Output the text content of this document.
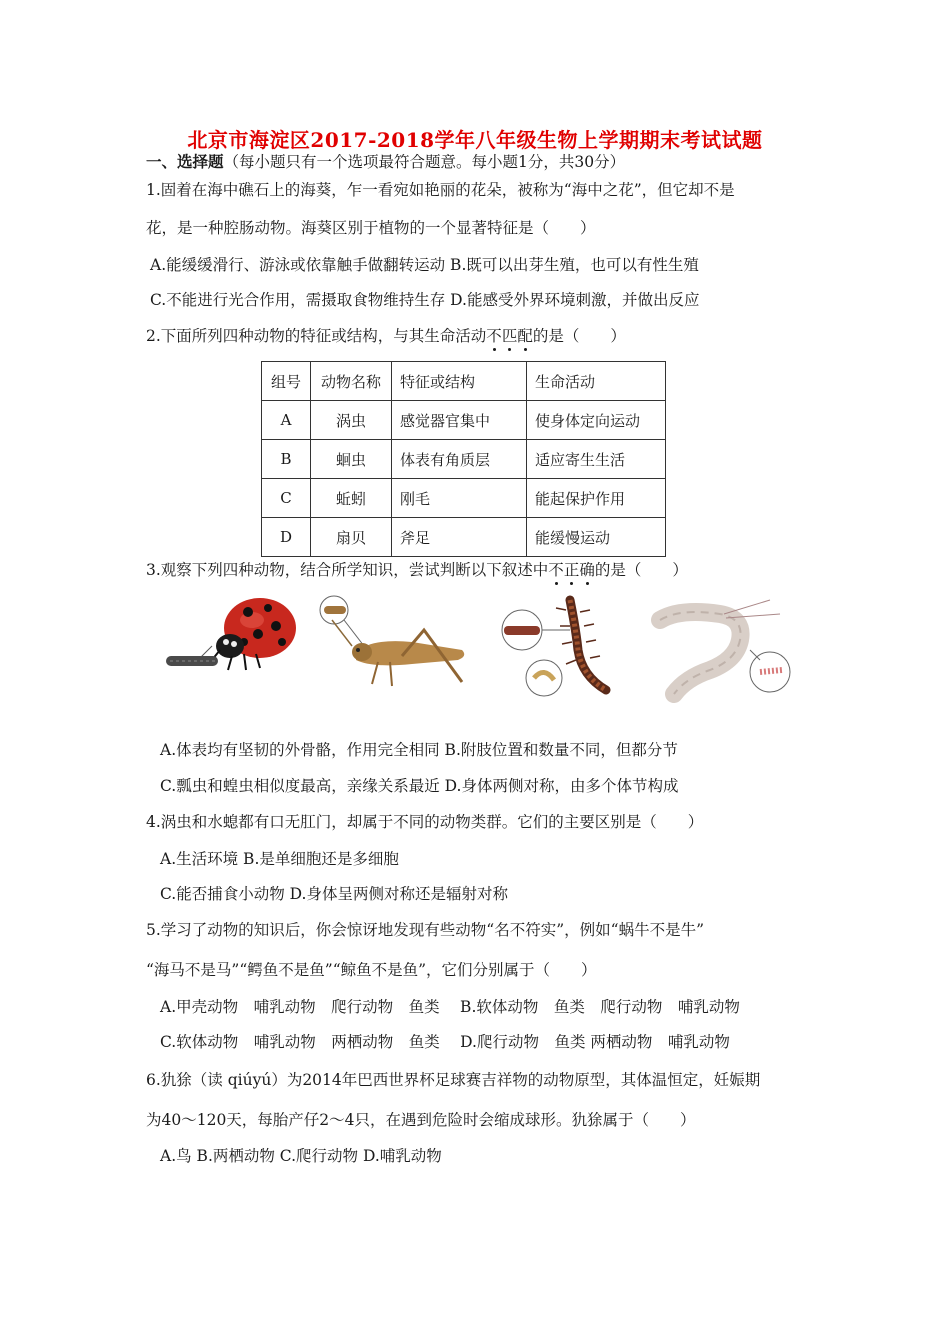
北京市海淀区2017-2018学年八年级生物上学期期末考试试题
一、选择题（每小题只有一个选项最符合题意。每小题1分，共30分）
1.固着在海中礁石上的海葵，乍一看宛如艳丽的花朵，被称为“海中之花”，但它却不是
花，是一种腔肠动物。海葵区别于植物的一个显著特征是（　　）
A.能缓缓滑行、游泳或依靠触手做翻转运动 B.既可以出芽生殖，也可以有性生殖
C.不能进行光合作用，需摄取食物维持生存 D.能感受外界环境刺激，并做出反应
2.下面所列四种动物的特征或结构，与其生命活动不匹配的是（　　）
组号	动物名称	特征或结构	生命活动
A	涡虫	感觉器官集中	使身体定向运动
B	蛔虫	体表有角质层	适应寄生生活
C	蚯蚓	刚毛	能起保护作用
D	扇贝	斧足	能缓慢运动
3.观察下列四种动物，结合所学知识，尝试判断以下叙述中不正确的是（　　）
A.体表均有坚韧的外骨骼，作用完全相同 B.附肢位置和数量不同，但都分节
C.瓢虫和蝗虫相似度最高，亲缘关系最近 D.身体两侧对称，由多个体节构成
4.涡虫和水螅都有口无肛门，却属于不同的动物类群。它们的主要区别是（　　）
A.生活环境 B.是单细胞还是多细胞
C.能否捕食小动物 D.身体呈两侧对称还是辐射对称
5.学习了动物的知识后，你会惊讶地发现有些动物“名不符实”，例如“蜗牛不是牛”
“海马不是马”“鳄鱼不是鱼”“鲸鱼不是鱼”，它们分别属于（　　）
A.甲壳动物　哺乳动物　爬行动物　鱼类　 B.软体动物　鱼类　爬行动物　哺乳动物
C.软体动物　哺乳动物　两栖动物　鱼类　 D.爬行动物　鱼类 两栖动物　哺乳动物
6.犰狳（读 qiúyú）为2014年巴西世界杯足球赛吉祥物的动物原型，其体温恒定，妊娠期
为40～120天，每胎产仔2～4只，在遇到危险时会缩成球形。犰狳属于（　　）
A.鸟 B.两栖动物 C.爬行动物 D.哺乳动物
